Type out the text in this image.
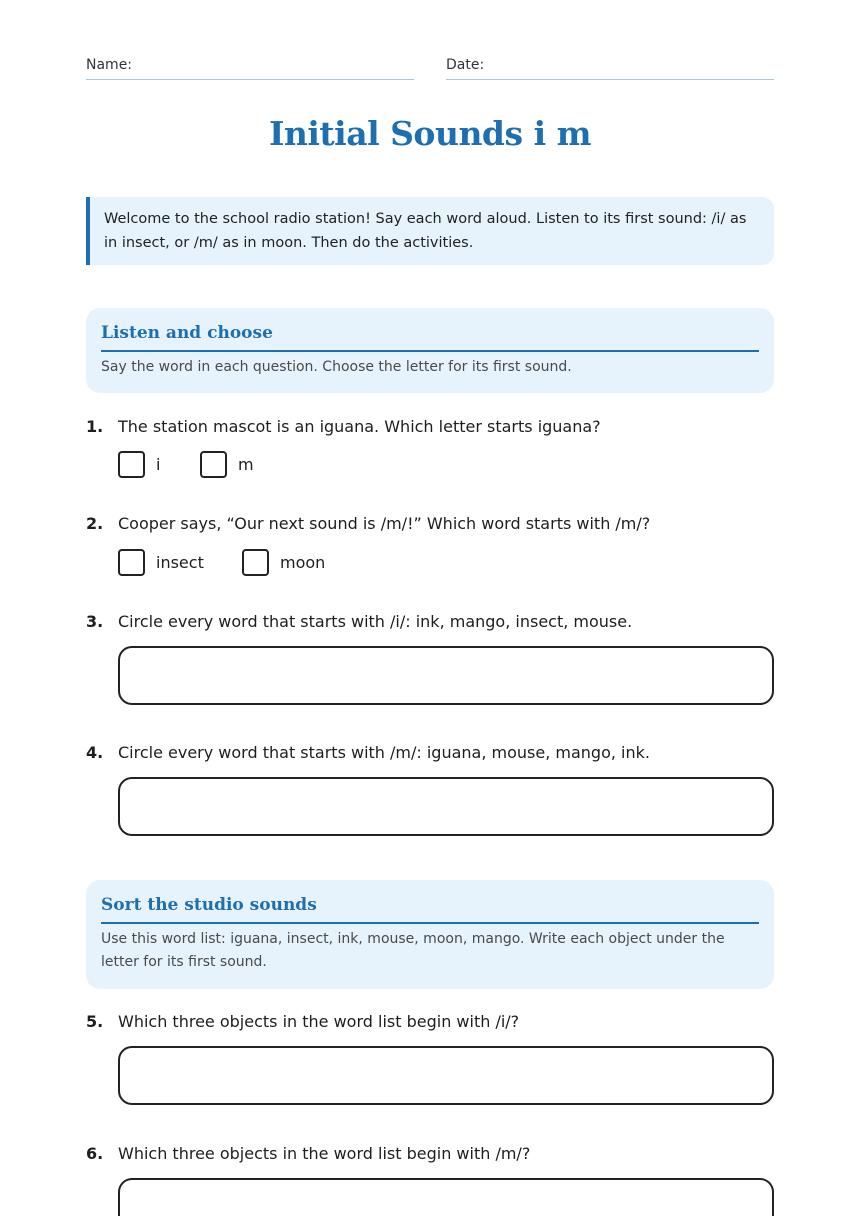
Name:	Date:
Initial Sounds i m
Welcome to the school radio station! Say each word aloud. Listen to its first sound: /i/ as in insect, or /m/ as in moon. Then do the activities.
Listen and choose

Say the word in each question. Choose the letter for its first sound.

1. The station mascot is an iguana. Which letter starts iguana?
i	m
2. Cooper says, “Our next sound is /m/!” Which word starts with /m/?
insect	moon
3. Circle every word that starts with /i/: ink, mango, insect, mouse.
4. Circle every word that starts with /m/: iguana, mouse, mango, ink.
Sort the studio sounds

Use this word list: iguana, insect, ink, mouse, moon, mango. Write each object under the letter for its first sound.

5. Which three objects in the word list begin with /i/?
6. Which three objects in the word list begin with /m/?
